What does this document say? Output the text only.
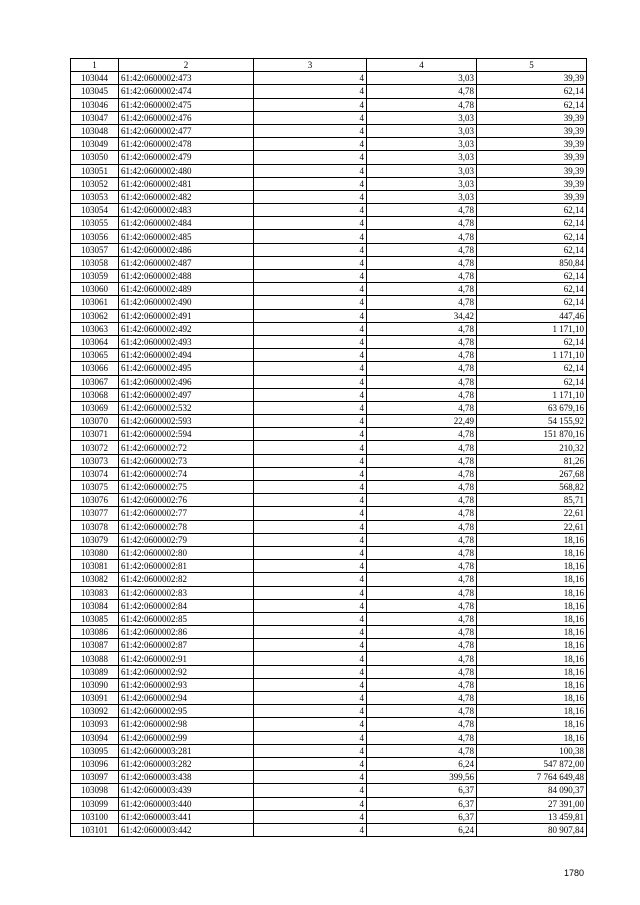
1	2	3	4	5
103044	61:42:0600002:473	4	3,03	39,39
103045	61:42:0600002:474	4	4,78	62,14
103046	61:42:0600002:475	4	4,78	62,14
103047	61:42:0600002:476	4	3,03	39,39
103048	61:42:0600002:477	4	3,03	39,39
103049	61:42:0600002:478	4	3,03	39,39
103050	61:42:0600002:479	4	3,03	39,39
103051	61:42:0600002:480	4	3,03	39,39
103052	61:42:0600002:481	4	3,03	39,39
103053	61:42:0600002:482	4	3,03	39,39
103054	61:42:0600002:483	4	4,78	62,14
103055	61:42:0600002:484	4	4,78	62,14
103056	61:42:0600002:485	4	4,78	62,14
103057	61:42:0600002:486	4	4,78	62,14
103058	61:42:0600002:487	4	4,78	850,84
103059	61:42:0600002:488	4	4,78	62,14
103060	61:42:0600002:489	4	4,78	62,14
103061	61:42:0600002:490	4	4,78	62,14
103062	61:42:0600002:491	4	34,42	447,46
103063	61:42:0600002:492	4	4,78	1 171,10
103064	61:42:0600002:493	4	4,78	62,14
103065	61:42:0600002:494	4	4,78	1 171,10
103066	61:42:0600002:495	4	4,78	62,14
103067	61:42:0600002:496	4	4,78	62,14
103068	61:42:0600002:497	4	4,78	1 171,10
103069	61:42:0600002:532	4	4,78	63 679,16
103070	61:42:0600002:593	4	22,49	54 155,92
103071	61:42:0600002:594	4	4,78	151 870,16
103072	61:42:0600002:72	4	4,78	210,32
103073	61:42:0600002:73	4	4,78	81,26
103074	61:42:0600002:74	4	4,78	267,68
103075	61:42:0600002:75	4	4,78	568,82
103076	61:42:0600002:76	4	4,78	85,71
103077	61:42:0600002:77	4	4,78	22,61
103078	61:42:0600002:78	4	4,78	22,61
103079	61:42:0600002:79	4	4,78	18,16
103080	61:42:0600002:80	4	4,78	18,16
103081	61:42:0600002:81	4	4,78	18,16
103082	61:42:0600002:82	4	4,78	18,16
103083	61:42:0600002:83	4	4,78	18,16
103084	61:42:0600002:84	4	4,78	18,16
103085	61:42:0600002:85	4	4,78	18,16
103086	61:42:0600002:86	4	4,78	18,16
103087	61:42:0600002:87	4	4,78	18,16
103088	61:42:0600002:91	4	4,78	18,16
103089	61:42:0600002:92	4	4,78	18,16
103090	61:42:0600002:93	4	4,78	18,16
103091	61:42:0600002:94	4	4,78	18,16
103092	61:42:0600002:95	4	4,78	18,16
103093	61:42:0600002:98	4	4,78	18,16
103094	61:42:0600002:99	4	4,78	18,16
103095	61:42:0600003:281	4	4,78	100,38
103096	61:42:0600003:282	4	6,24	547 872,00
103097	61:42:0600003:438	4	399,56	7 764 649,48
103098	61:42:0600003:439	4	6,37	84 090,37
103099	61:42:0600003:440	4	6,37	27 391,00
103100	61:42:0600003:441	4	6,37	13 459,81
103101	61:42:0600003:442	4	6,24	80 907,84
1780
